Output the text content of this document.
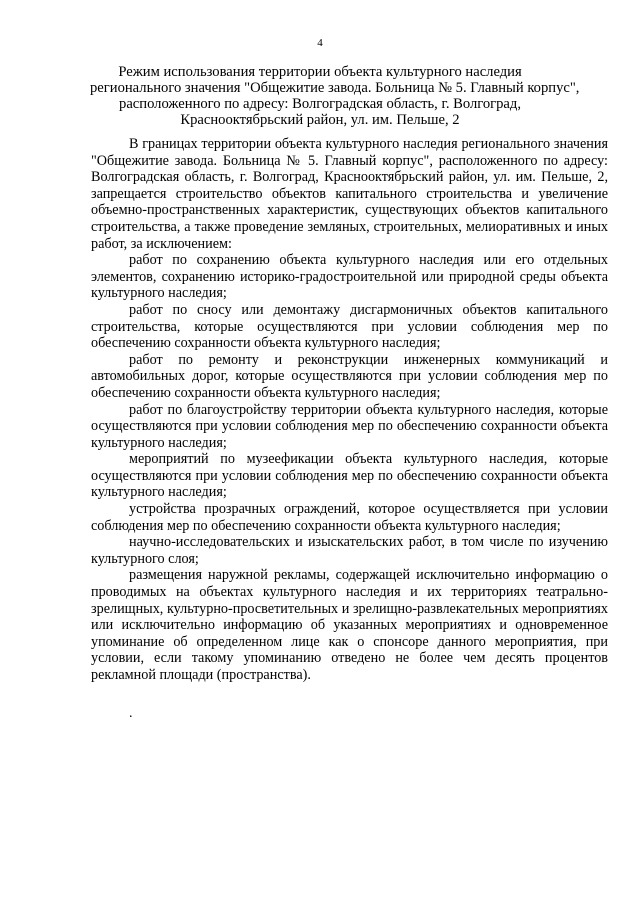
4
Режим использования территории объекта культурного наследия
регионального значения "Общежитие завода. Больница № 5. Главный корпус",
расположенного по адресу: Волгоградская область, г. Волгоград,
Краснооктябрьский район, ул. им. Пельше, 2

В границах территории объекта культурного наследия регионального значения "Общежитие завода. Больница № 5. Главный корпус", расположенного по адресу: Волгоградская область, г. Волгоград, Краснооктябрьский район, ул. им. Пельше, 2, запрещается строительство объектов капитального строительства и увеличение объемно-пространственных характеристик, существующих объектов капитального строительства, а также проведение земляных, строительных, мелиоративных и иных работ, за исключением:

работ по сохранению объекта культурного наследия или его отдельных элементов, сохранению историко-градостроительной или природной среды объекта культурного наследия;

работ по сносу или демонтажу дисгармоничных объектов капитального строительства, которые осуществляются при условии соблюдения мер по обеспечению сохранности объекта культурного наследия;

работ по ремонту и реконструкции инженерных коммуникаций и автомобильных дорог, которые осуществляются при условии соблюдения мер по обеспечению сохранности объекта культурного наследия;

работ по благоустройству территории объекта культурного наследия, которые осуществляются при условии соблюдения мер по обеспечению сохранности объекта культурного наследия;

мероприятий по музеефикации объекта культурного наследия, которые осуществляются при условии соблюдения мер по обеспечению сохранности объекта культурного наследия;

устройства прозрачных ограждений, которое осуществляется при условии соблюдения мер по обеспечению сохранности объекта культурного наследия;

научно-исследовательских и изыскательских работ, в том числе по изучению культурного слоя;

размещения наружной рекламы, содержащей исключительно информацию о проводимых на объектах культурного наследия и их территориях театрально-зрелищных, культурно-просветительных и зрелищно-развлекательных мероприятиях или исключительно информацию об указанных мероприятиях и одновременное упоминание об определенном лице как о спонсоре данного мероприятия, при условии, если такому упоминанию отведено не более чем десять процентов рекламной площади (пространства).

.
